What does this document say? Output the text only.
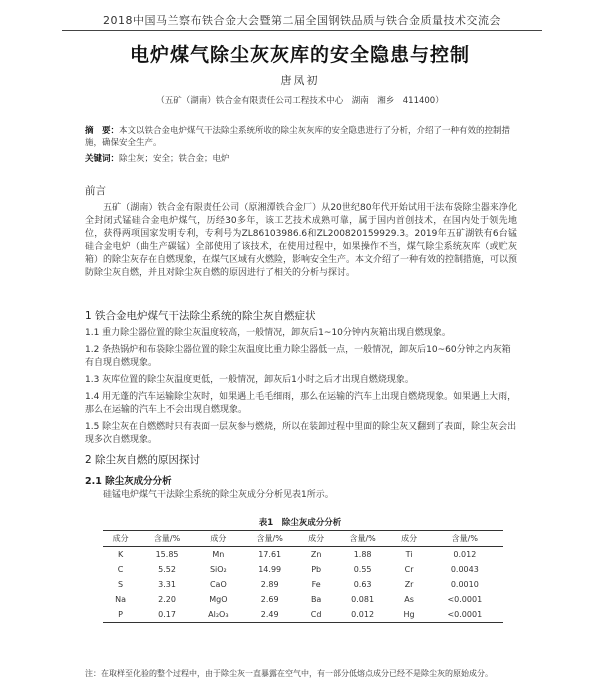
2018中国马兰察布铁合金大会暨第二届全国钢铁品质与铁合金质量技术交流会
电炉煤气除尘灰灰库的安全隐患与控制
唐凤初
（五矿（湖南）铁合金有限责任公司工程技术中心　湖南　湘乡　411400）
摘　要：本文以铁合金电炉煤气干法除尘系统所收的除尘灰灰库的安全隐患进行了分析，介绍了一种有效的控制措施，确保安全生产。
关键词：除尘灰；安全；铁合金；电炉
前言
五矿（湖南）铁合金有限责任公司（原湘潭铁合金厂）从20世纪80年代开始试用干法布袋除尘器来净化全封闭式锰硅合金电炉煤气，历经30多年，该工艺技术成熟可靠，属于国内首创技术，在国内处于领先地位，获得两项国家发明专利，专利号为ZL86103986.6和ZL200820159929.3。2019年五矿湖铁有6台锰硅合金电炉（曲生产碳锰）全部使用了该技术，在使用过程中，如果操作不当，煤气除尘系统灰库（或贮灰箱）的除尘灰存在自燃现象，在煤气区域有火燃险，影响安全生产。本文介绍了一种有效的控制措施，可以预防除尘灰自燃，并且对除尘灰自燃的原因进行了相关的分析与探讨。
1 铁合金电炉煤气干法除尘系统的除尘灰自燃症状
1.1 重力除尘器位置的除尘灰温度较高，一般情况，卸灰后1~10分钟内灰箱出现自燃现象。
1.2 条热锅炉和布袋除尘器位置的除尘灰温度比重力除尘器低一点，一般情况，卸灰后10~60分钟之内灰箱有自现自燃现象。
1.3 灰库位置的除尘灰温度更低，一般情况，卸灰后1小时之后才出现自燃烧现象。
1.4 用无蓬的汽车运输除尘灰时，如果遇上毛毛细雨，那么在运输的汽车上出现自燃烧现象。如果遇上大雨，那么在运输的汽车上不会出现自燃现象。
1.5 除尘灰在自燃燃时只有表面一层灰参与燃烧，所以在装卸过程中里面的除尘灰又翻到了表面，除尘灰会出现多次自燃现象。
2 除尘灰自燃的原因探讨
2.1 除尘灰成分分析
硅锰电炉煤气干法除尘系统的除尘灰成分分析见表1所示。
表1　除尘灰成分分析
成分	含量/%	成分	含量/%	成分	含量/%	成分	含量/%
K	15.85	Mn	17.61	Zn	1.88	Ti	0.012
C	5.52	SiO₂	14.99	Pb	0.55	Cr	0.0043
S	3.31	CaO	2.89	Fe	0.63	Zr	0.0010
Na	2.20	MgO	2.69	Ba	0.081	As	<0.0001
P	0.17	Al₂O₃	2.49	Cd	0.012	Hg	<0.0001
注：在取样至化验的整个过程中，由于除尘灰一直暴露在空气中，有一部分低熔点成分已经不是除尘灰的原始成分。
